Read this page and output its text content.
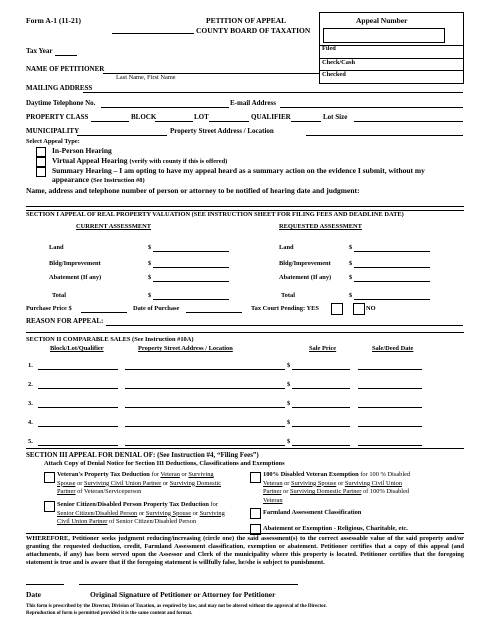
Form A-1 (11-21)	PETITION OF APPEAL
COUNTY BOARD OF TAXATION
Appeal Number
Filed
Check/Cash
Checked
Tax Year
NAME OF PETITIONER
Last Name, First Name
MAILING ADDRESS
Daytime Telephone No.	E-mail Address
PROPERTY CLASS	BLOCK	LOT	QUALIFIER	Lot Size
MUNICIPALITY	Property Street Address / Location
Select Appeal Type:
In-Person Hearing
Virtual Appeal Hearing (verify with county if this is offered)
Summary Hearing – I am opting to have my appeal heard as a summary action on the evidence I submit, without my
appearance (See Instruction #8)
Name, address and telephone number of person or attorney to be notified of hearing date and judgment:
SECTION I APPEAL OF REAL PROPERTY VALUATION (SEE INSTRUCTION SHEET FOR FILING FEES AND DEADLINE DATE)
CURRENT ASSESSMENT	REQUESTED ASSESSMENT
Land	$	Land	$
Bldg/Improvement	$	Bldg/Improvement	$
Abatement (If any)	$	Abatement (If any)	$
Total	$	Total	$
Purchase Price $	Date of Purchase	Tax Court Pending: YES	NO
REASON FOR APPEAL:
SECTION II COMPARABLE SALES (See Instruction #10A)
Block/Lot/Qualifier	Property Street Address / Location	Sale Price	Sale/Deed Date
1.	$
2.	$
3.	$
4.	$
5.	$
SECTION III APPEAL FOR DENIAL OF: (See Instruction #4, “Filing Fees”)
Attach Copy of Denial Notice for Section III Deductions, Classifications and Exemptions
Veteran's Property Tax Deduction for Veteran or Surviving
Spouse or Surviving Civil Union Partner or Surviving Domestic
Partner of Veteran/Serviceperson
Senior Citizen/Disabled Person Property Tax Deduction for
Senior Citizen/Disabled Person or Surviving Spouse or Surviving
Civil Union Partner of Senior Citizen/Disabled Person
100% Disabled Veteran Exemption for 100 % Disabled
Veteran or Surviving Spouse or Surviving Civil Union
Partner or Surviving Domestic Partner of 100% Disabled
Veteran
Farmland Assessment Classification
Abatement or Exemption - Religious, Charitable, etc.
WHEREFORE, Petitioner seeks judgment reducing/increasing (circle one) the said assessment(s) to the correct assessable value of the said property and/or granting the requested deduction, credit, Farmland Assessment classification, exemption or abatement. Petitioner certifies that a copy of this appeal (and attachments, if any) has been served upon the Assessor and Clerk of the municipality where this property is located. Petitioner certifies that the foregoing statement is true and is aware that if the foregoing statement is willfully false, he/she is subject to punishment.
Date	Original Signature of Petitioner or Attorney for Petitioner
This form is prescribed by the Director, Division of Taxation, as required by law, and may not be altered without the approval of the Director.
Reproduction of form is permitted provided it is the same content and format.
